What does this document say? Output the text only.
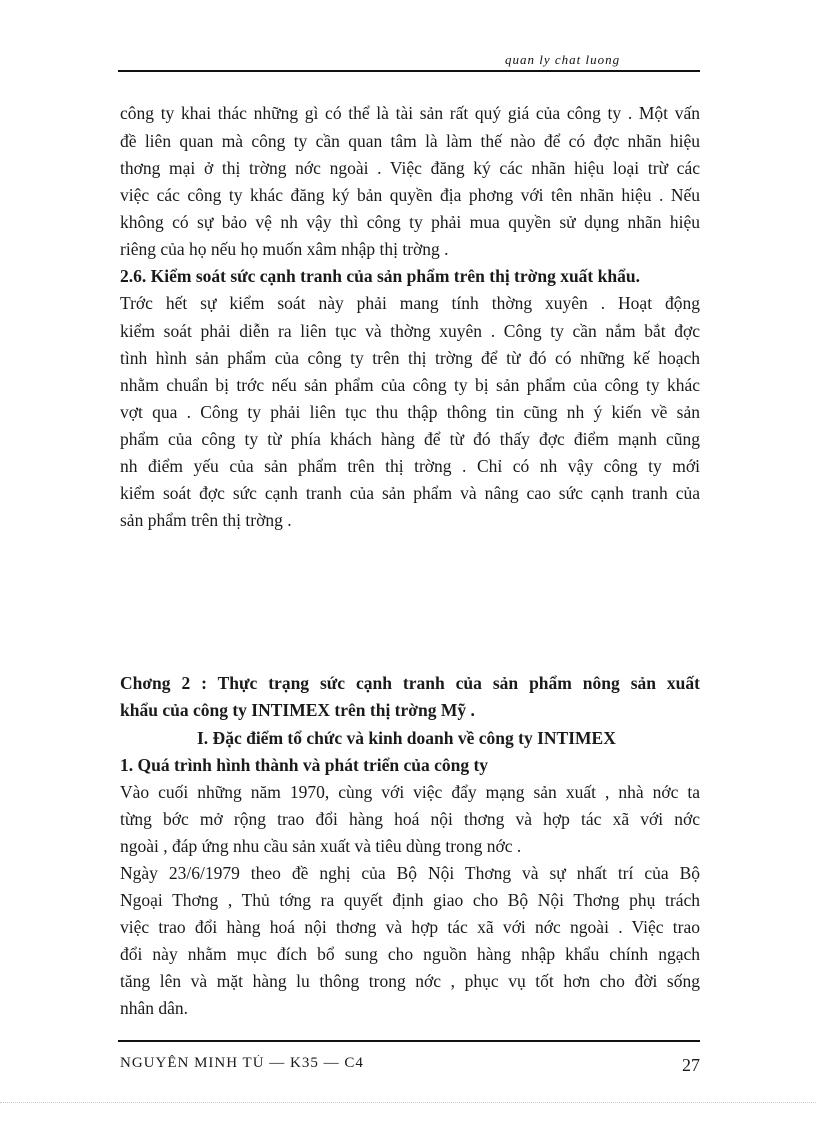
quan ly chat luong
công ty khai thác những gì có thể là tài sản rất quý giá của công ty . Một vấn
đề liên quan mà công ty cần quan tâm là làm thế nào để có đợc nhãn hiệu
thơng mại ở thị trờng nớc ngoài . Việc đăng ký các nhãn hiệu loại trừ các
việc các công ty khác đăng ký bản quyền địa phơng với tên nhãn hiệu . Nếu
không có sự bảo vệ nh vậy thì công ty phải mua quyền sử dụng nhãn hiệu
riêng của họ nếu họ muốn xâm nhập thị trờng .
2.6. Kiểm soát sức cạnh tranh của sản phẩm trên thị trờng xuất khẩu.
Trớc hết sự kiểm soát này phải mang tính thờng xuyên . Hoạt động
kiểm soát phải diễn ra liên tục và thờng xuyên . Công ty cần nắm bắt đợc
tình hình sản phẩm của công ty trên thị trờng để từ đó có những kế hoạch
nhằm chuẩn bị trớc nếu sản phẩm của công ty bị sản phẩm của công ty khác
vợt qua . Công ty phải liên tục thu thập thông tin cũng nh ý kiến về sản
phẩm của công ty từ phía khách hàng để từ đó thấy đợc điểm mạnh cũng
nh điểm yếu của sản phẩm trên thị trờng . Chỉ có nh vậy công ty mới
kiểm soát đợc sức cạnh tranh của sản phẩm và nâng cao sức cạnh tranh của
sản phẩm trên thị trờng .
Chơng 2 : Thực trạng sức cạnh tranh của sản phẩm nông sản xuất
khẩu của công ty INTIMEX trên thị trờng Mỹ .
I. Đặc điểm tổ chức và kinh doanh về công ty INTIMEX
1. Quá trình hình thành và phát triển của công ty
Vào cuối những năm 1970, cùng với việc đẩy mạng sản xuất , nhà nớc ta
từng bớc mở rộng trao đổi hàng hoá nội thơng và hợp tác xã với nớc
ngoài , đáp ứng nhu cầu sản xuất và tiêu dùng trong nớc .
Ngày 23/6/1979 theo đề nghị của Bộ Nội Thơng và sự nhất trí của Bộ
Ngoại Thơng , Thủ tớng ra quyết định giao cho Bộ Nội Thơng phụ trách
việc trao đổi hàng hoá nội thơng và hợp tác xã với nớc ngoài . Việc trao
đổi này nhằm mục đích bổ sung cho nguồn hàng nhập khẩu chính ngạch
tăng lên và mặt hàng lu thông trong nớc , phục vụ tốt hơn cho đời sống
nhân dân.
NGUYỄN MINH TÚ — K35 — C4	27
